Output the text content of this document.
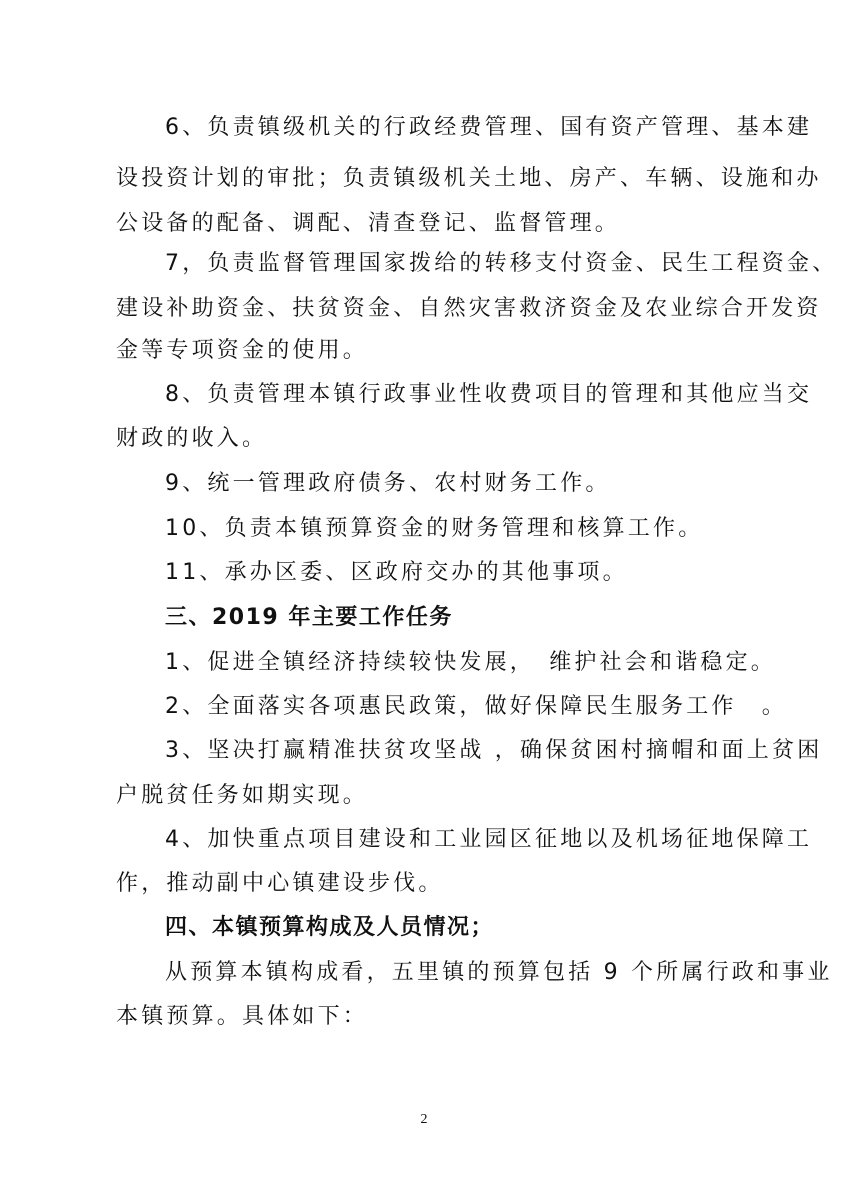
6、负责镇级机关的行政经费管理、国有资产管理、基本建
设投资计划的审批；负责镇级机关土地、房产、车辆、设施和办
公设备的配备、调配、清查登记、监督管理。
7，负责监督管理国家拨给的转移支付资金、民生工程资金、
建设补助资金、扶贫资金、自然灾害救济资金及农业综合开发资
金等专项资金的使用。
8、负责管理本镇行政事业性收费项目的管理和其他应当交
财政的收入。
9、统一管理政府债务、农村财务工作。
10、负责本镇预算资金的财务管理和核算工作。
11、承办区委、区政府交办的其他事项。
三、2019 年主要工作任务
1、促进全镇经济持续较快发展，　维护社会和谐稳定。
2、全面落实各项惠民政策，做好保障民生服务工作　。
3、坚决打赢精准扶贫攻坚战 ，确保贫困村摘帽和面上贫困
户脱贫任务如期实现。
4、加快重点项目建设和工业园区征地以及机场征地保障工
作，推动副中心镇建设步伐。
四、本镇预算构成及人员情况；
从预算本镇构成看，五里镇的预算包括 9 个所属行政和事业
本镇预算。具体如下：
2
